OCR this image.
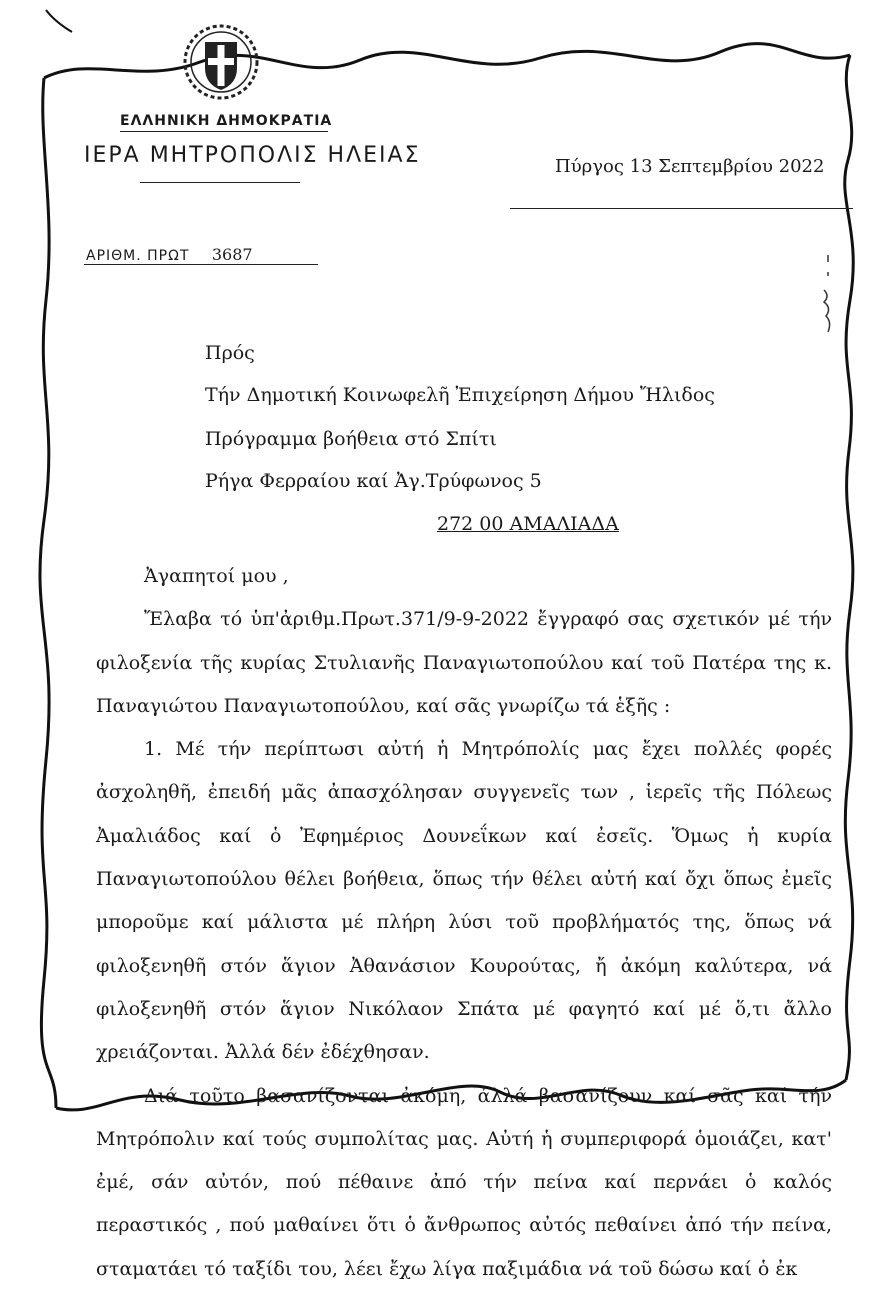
ΕΛΛΗΝΙΚΗ ΔΗΜΟΚΡΑΤΙΑ
ΙΕΡΑ ΜΗΤΡΟΠΟΛΙΣ ΗΛΕΙΑΣ	Πύργος 13 Σεπτεμβρίου 2022
ΑΡΙΘΜ. ΠΡΩΤ 3687
Πρός
Τήν Δημοτική Κοινωφελῆ Ἐπιχείρηση Δήμου Ἤλιδος
Πρόγραμμα βοήθεια στό Σπίτι
Ρήγα Φερραίου καί Ἀγ.Τρύφωνος 5
272 00 ΑΜΑΛΙΑΔΑ

Ἀγαπητοί μου ,

Ἔλαβα τό ὑπ'ἀριθμ.Πρωτ.371/9-9-2022 ἔγγραφό σας σχετικόν μέ τήν φιλοξενία τῆς κυρίας Στυλιανῆς Παναγιωτοπούλου καί τοῦ Πατέρα της κ. Παναγιώτου Παναγιωτοπούλου, καί σᾶς γνωρίζω τά ἑξῆς :

1. Μέ τήν περίπτωσι αὐτή ἡ Μητρόπολίς μας ἔχει πολλές φορές ἀσχοληθῆ, ἐπειδή μᾶς ἀπασχόλησαν συγγενεῖς των , ἱερεῖς τῆς Πόλεως Ἀμαλιάδος καί ὁ Ἐφημέριος Δουνεΐκων καί ἐσεῖς. Ὅμως ἡ κυρία Παναγιωτοπούλου θέλει βοήθεια, ὅπως τήν θέλει αὐτή καί ὄχι ὅπως ἐμεῖς μποροῦμε καί μάλιστα μέ πλήρη λύσι τοῦ προβλήματός της, ὅπως νά φιλοξενηθῆ στόν ἅγιον Ἀθανάσιον Κουρούτας, ἤ ἀκόμη καλύτερα, νά φιλοξενηθῆ στόν ἅγιον Νικόλαον Σπάτα μέ φαγητό καί μέ ὅ,τι ἄλλο χρειάζονται. Ἀλλά δέν ἐδέχθησαν.

Διά τοῦτο βασανίζονται ἀκόμη, ἀλλά βασανίζουν καί σᾶς καί τήν Μητρόπολιν καί τούς συμπολίτας μας. Αὐτή ἡ συμπεριφορά ὁμοιάζει, κατ' ἐμέ, σάν αὐτόν, πού πέθαινε ἀπό τήν πείνα καί περνάει ὁ καλός περαστικός , πού μαθαίνει ὅτι ὁ ἄνθρωπος αὐτός πεθαίνει ἀπό τήν πείνα, σταματάει τό ταξίδι του, λέει ἔχω λίγα παξιμάδια νά τοῦ δώσω καί ὁ ἐκ
